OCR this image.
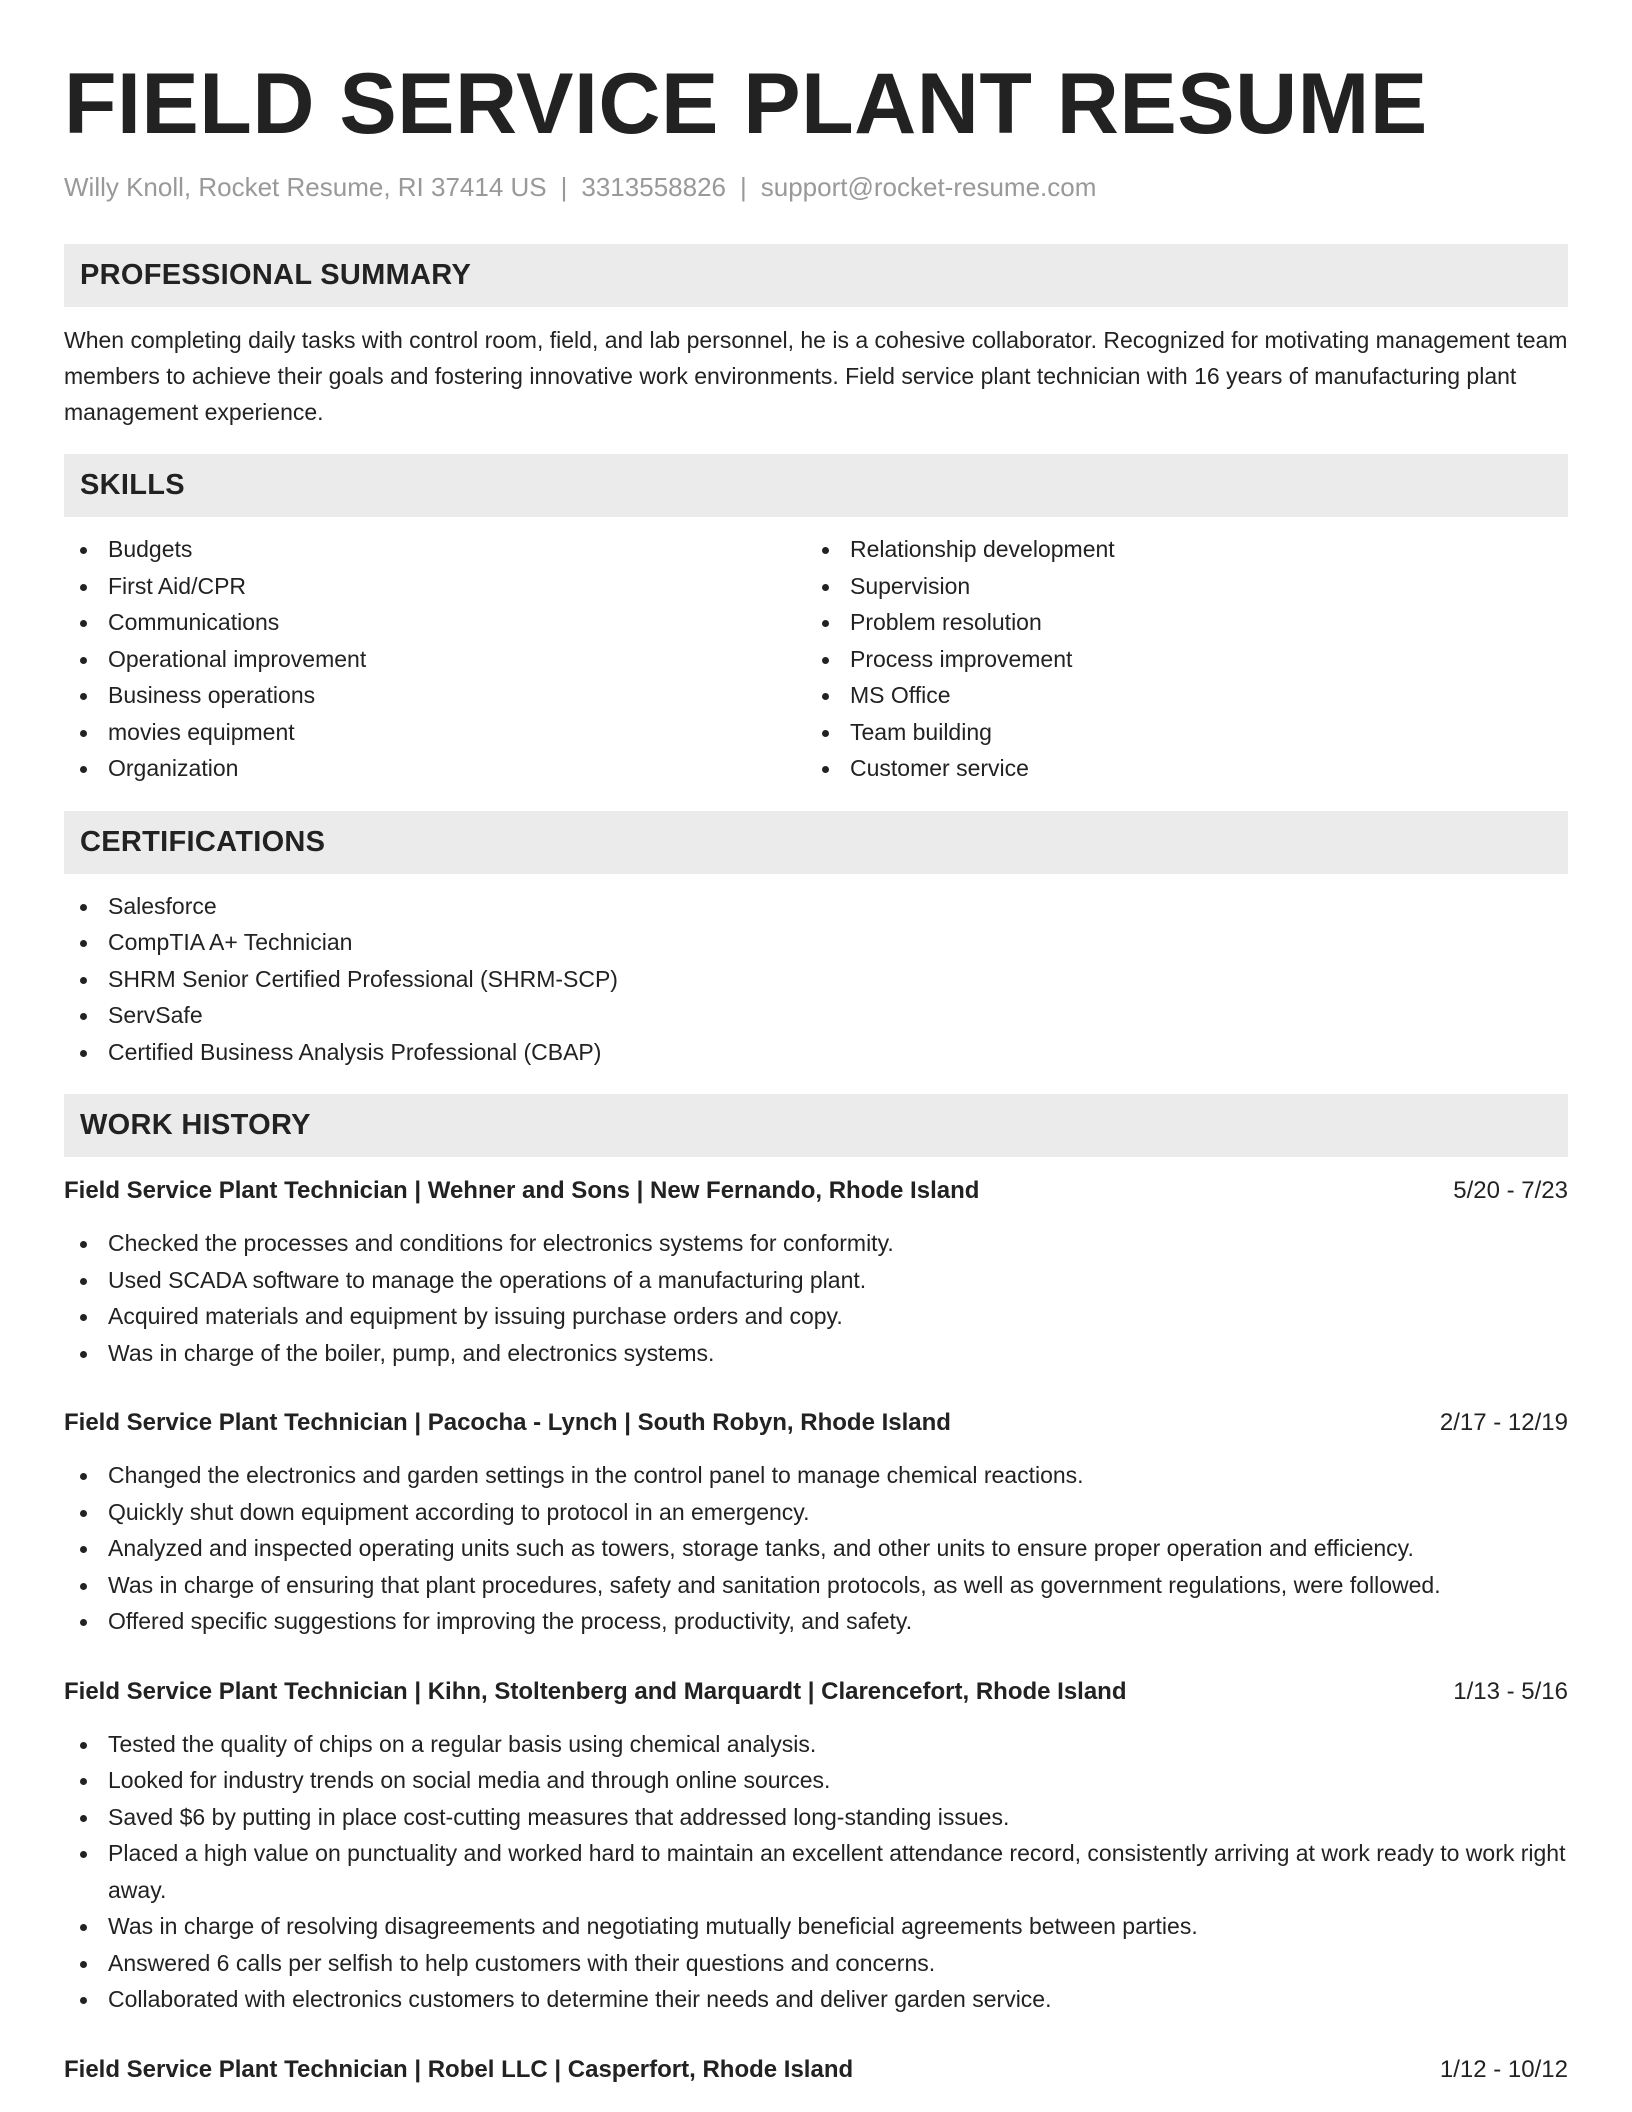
FIELD SERVICE PLANT RESUME
Willy Knoll, Rocket Resume, RI 37414 US | 3313558826 | support@rocket-resume.com
PROFESSIONAL SUMMARY
When completing daily tasks with control room, field, and lab personnel, he is a cohesive collaborator. Recognized for motivating management team members to achieve their goals and fostering innovative work environments. Field service plant technician with 16 years of manufacturing plant management experience.
SKILLS
Budgets
First Aid/CPR
Communications
Operational improvement
Business operations
movies equipment
Organization
Relationship development
Supervision
Problem resolution
Process improvement
MS Office
Team building
Customer service
CERTIFICATIONS
Salesforce
CompTIA A+ Technician
SHRM Senior Certified Professional (SHRM-SCP)
ServSafe
Certified Business Analysis Professional (CBAP)
WORK HISTORY
Field Service Plant Technician | Wehner and Sons | New Fernando, Rhode Island	5/20 - 7/23
Checked the processes and conditions for electronics systems for conformity.
Used SCADA software to manage the operations of a manufacturing plant.
Acquired materials and equipment by issuing purchase orders and copy.
Was in charge of the boiler, pump, and electronics systems.
Field Service Plant Technician | Pacocha - Lynch | South Robyn, Rhode Island	2/17 - 12/19
Changed the electronics and garden settings in the control panel to manage chemical reactions.
Quickly shut down equipment according to protocol in an emergency.
Analyzed and inspected operating units such as towers, storage tanks, and other units to ensure proper operation and efficiency.
Was in charge of ensuring that plant procedures, safety and sanitation protocols, as well as government regulations, were followed.
Offered specific suggestions for improving the process, productivity, and safety.
Field Service Plant Technician | Kihn, Stoltenberg and Marquardt | Clarencefort, Rhode Island	1/13 - 5/16
Tested the quality of chips on a regular basis using chemical analysis.
Looked for industry trends on social media and through online sources.
Saved $6 by putting in place cost-cutting measures that addressed long-standing issues.
Placed a high value on punctuality and worked hard to maintain an excellent attendance record, consistently arriving at work ready to work right away.
Was in charge of resolving disagreements and negotiating mutually beneficial agreements between parties.
Answered 6 calls per selfish to help customers with their questions and concerns.
Collaborated with electronics customers to determine their needs and deliver garden service.
Field Service Plant Technician | Robel LLC | Casperfort, Rhode Island	1/12 - 10/12
